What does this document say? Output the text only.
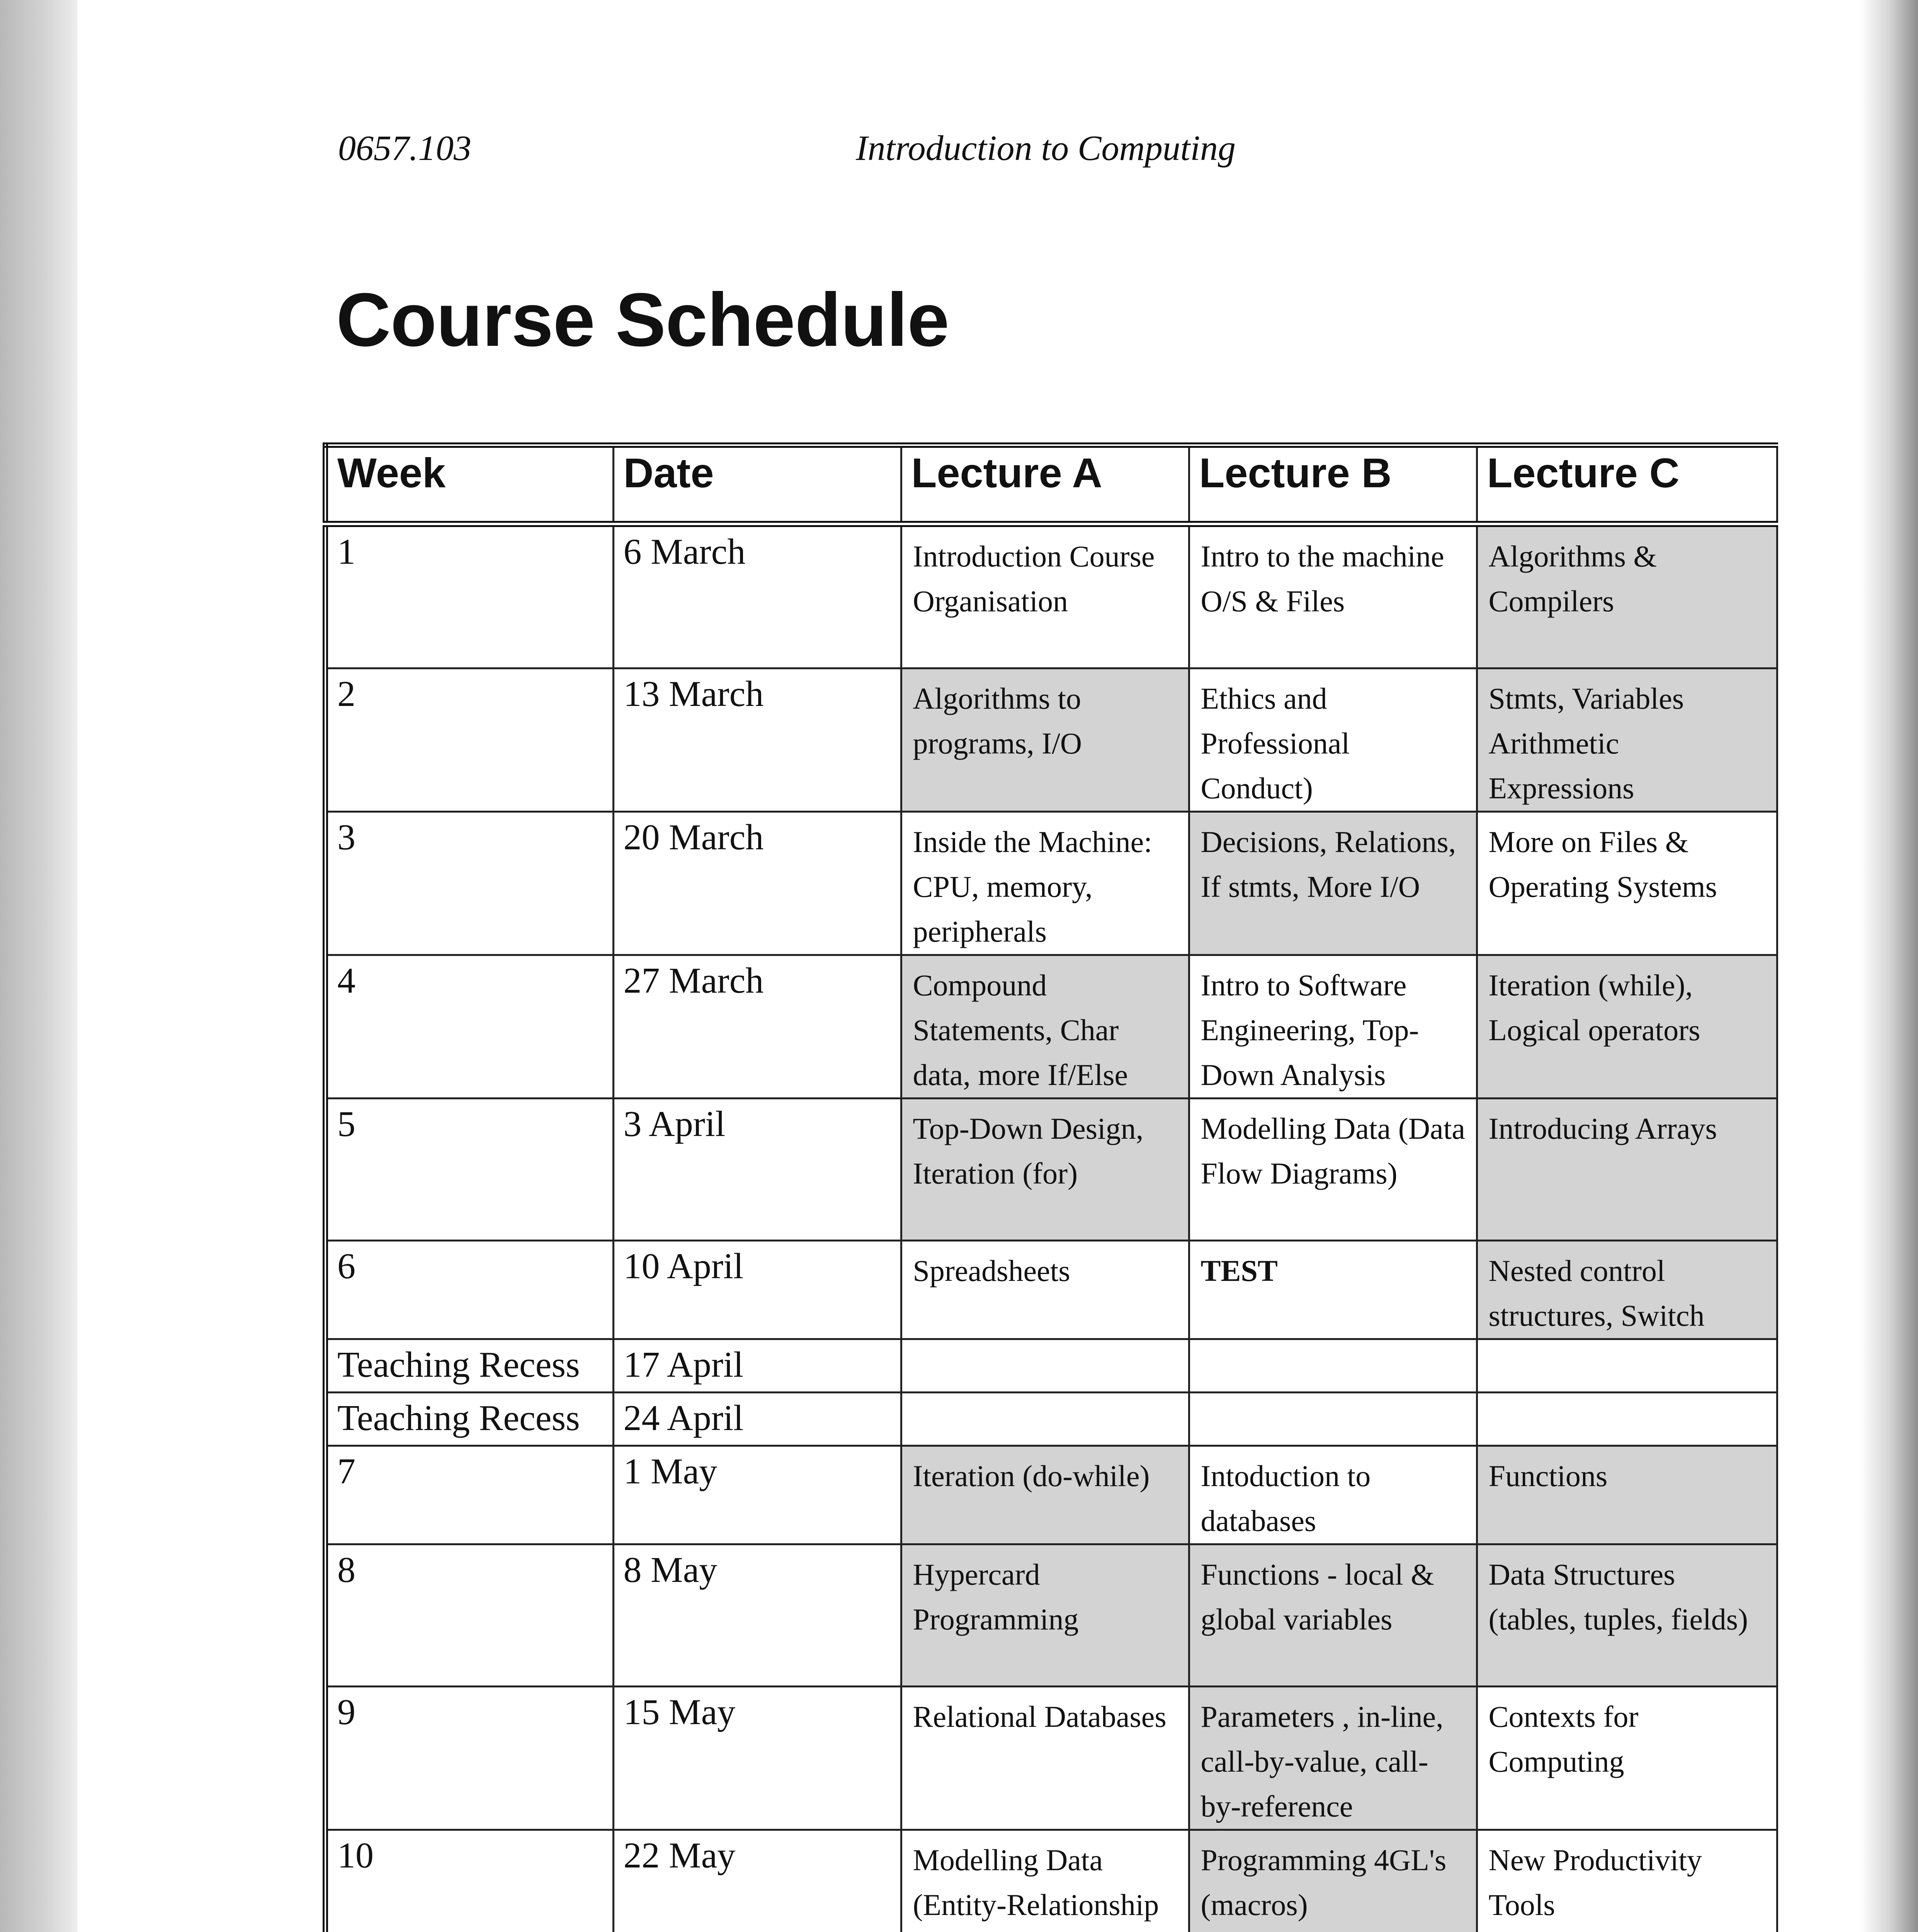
0657.103	Introduction to Computing
Course Schedule
Week	Date	Lecture A	Lecture B	Lecture C
1	6 March	Introduction Course Organisation	Intro to the machine O/S & Files	Algorithms & Compilers
2	13 March	Algorithms to programs, I/O	Ethics and Professional Conduct)	Stmts, Variables Arithmetic Expressions
3	20 March	Inside the Machine: CPU, memory, peripherals	Decisions, Relations, If stmts, More I/O	More on Files & Operating Systems
4	27 March	Compound Statements, Char data, more If/Else	Intro to Software Engineering, Top-Down Analysis	Iteration (while), Logical operators
5	3 April	Top-Down Design, Iteration (for)	Modelling Data (Data Flow Diagrams)	Introducing Arrays
6	10 April	Spreadsheets	TEST	Nested control structures, Switch
Teaching Recess	17 April			
Teaching Recess	24 April			
7	1 May	Iteration (do-while)	Intoduction to databases	Functions
8	8 May	Hypercard Programming	Functions - local & global variables	Data Structures (tables, tuples, fields)
9	15 May	Relational Databases	Parameters , in-line, call-by-value, call-by-reference	Contexts for Computing
10	22 May	Modelling Data (Entity-Relationship	Programming 4GL's (macros)	New Productivity Tools
